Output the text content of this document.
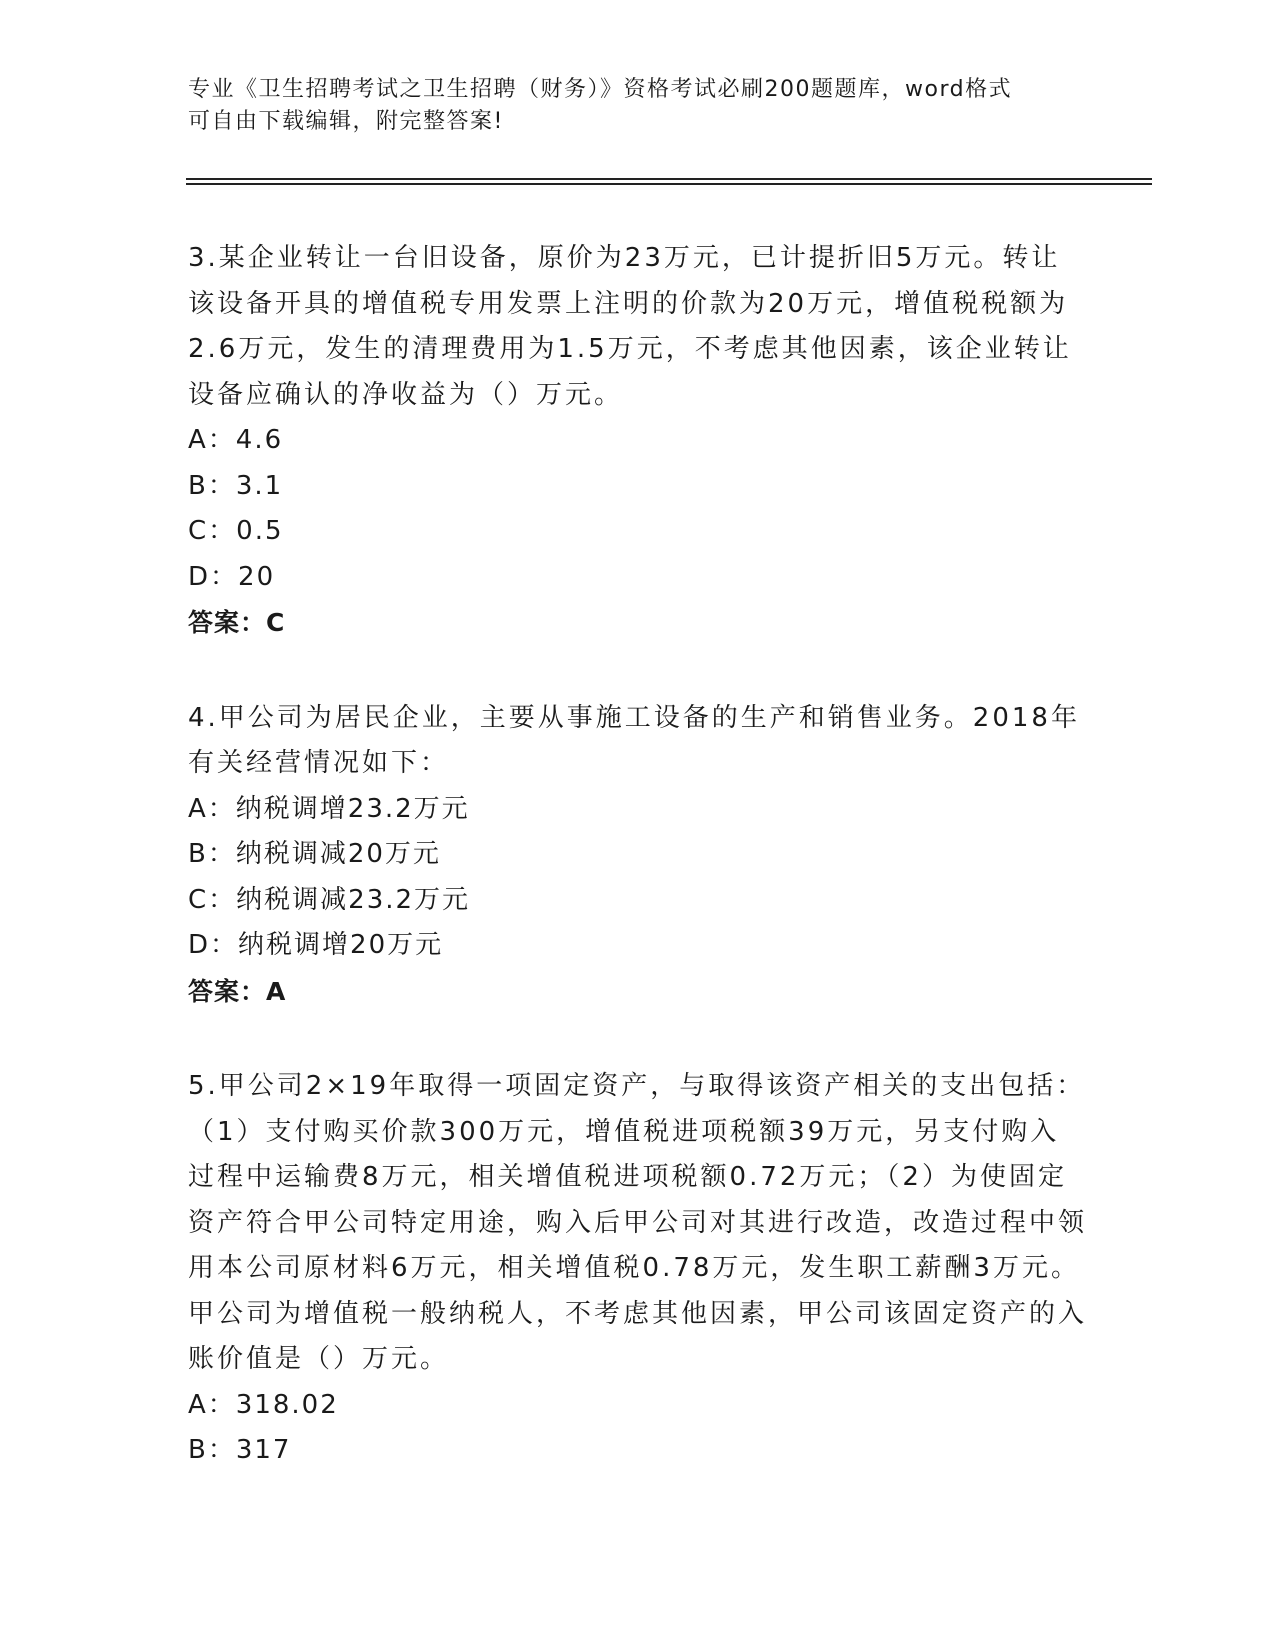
专业《卫生招聘考试之卫生招聘（财务）》资格考试必刷200题题库，word格式
可自由下载编辑，附完整答案!

3.某企业转让一台旧设备，原价为23万元，已计提折旧5万元。转让该设备开具的增值税专用发票上注明的价款为20万元，增值税税额为2.6万元，发生的清理费用为1.5万元，不考虑其他因素，该企业转让设备应确认的净收益为（）万元。

A：4.6

B：3.1

C：0.5

D：20

答案：C

4.甲公司为居民企业，主要从事施工设备的生产和销售业务。2018年有关经营情况如下：

A：纳税调增23.2万元

B：纳税调减20万元

C：纳税调减23.2万元

D：纳税调增20万元

答案：A

5.甲公司2×19年取得一项固定资产，与取得该资产相关的支出包括：（1）支付购买价款300万元，增值税进项税额39万元，另支付购入过程中运输费8万元，相关增值税进项税额0.72万元；（2）为使固定资产符合甲公司特定用途，购入后甲公司对其进行改造，改造过程中领用本公司原材料6万元，相关增值税0.78万元，发生职工薪酬3万元。甲公司为增值税一般纳税人，不考虑其他因素，甲公司该固定资产的入账价值是（）万元。

A：318.02

B：317
